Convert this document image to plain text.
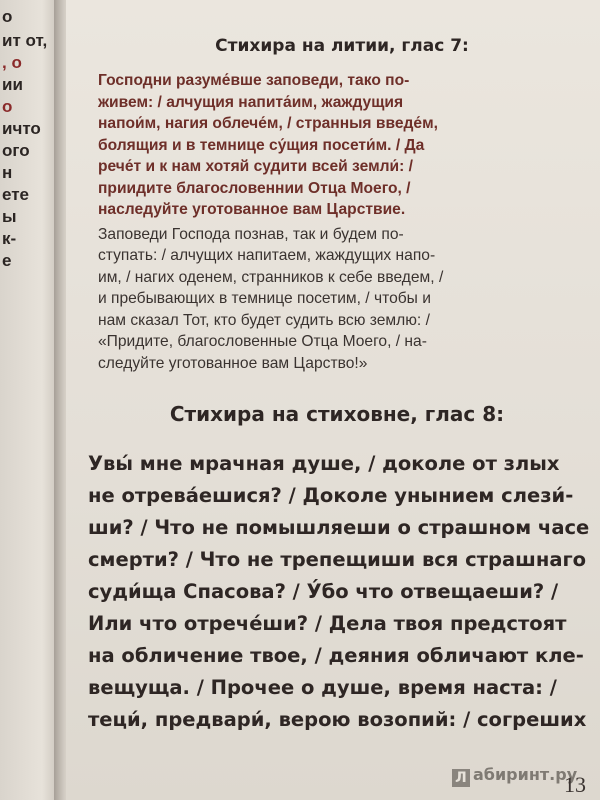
о
ит от,
, о
ии
о
ичто
ого
н
ете
ы
к-
е
Стихира на литии, глас 7:
Господни разуме́вше заповеди, тако по-
живем: / алчущия напита́им, жаждущия
напои́м, нагия облече́м, / странныя введе́м,
болящия и в темнице су́щия посети́м. / Да
рече́т и к нам хотяй судити всей земли́: /
приидите благословеннии Отца Моего, /
наследуйте уготованное вам Царствие.
Заповеди Господа познав, так и будем по-
ступать: / алчущих напитаем, жаждущих напо-
им, / нагих оденем, странников к себе введем, /
и пребывающих в темнице посетим, / чтобы и
нам сказал Тот, кто будет судить всю землю: /
«Придите, благословенные Отца Моего, / на-
следуйте уготованное вам Царство!»
Стихира на стиховне, глас 8:
Увы́ мне мрачная душе, / доколе от злых
не отрева́ешися? / Доколе унынием слези́-
ши? / Что не помышляеши о страшном часе
смерти? / Что не трепещиши вся страшнаго
суди́ща Спасова? / У́бо что отвещаеши? /
Или что отрече́ши? / Дела твоя предстоят
на обличение твое, / деяния обличают кле-
вещуща. / Прочее о душе, время наста: /
теци́, предвари́, верою возопий: / согреших
Л абиринт.ру
13
